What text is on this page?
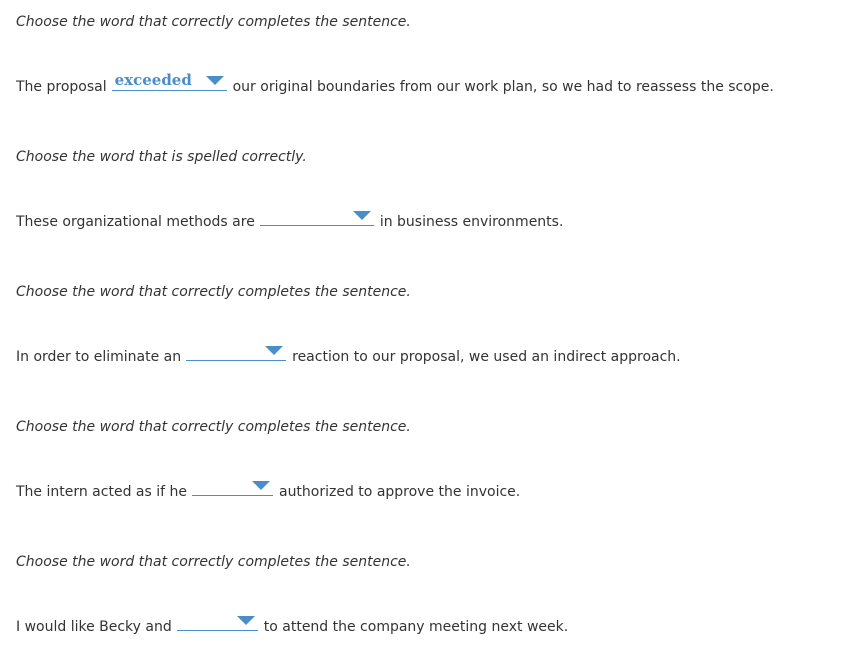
Choose the word that correctly completes the sentence.
The proposal exceeded	our original boundaries from our work plan, so we had to reassess the scope.
Choose the word that is spelled correctly.
These organizational methods are	in business environments.
Choose the word that correctly completes the sentence.
In order to eliminate an	reaction to our proposal, we used an indirect approach.
Choose the word that correctly completes the sentence.
The intern acted as if he	authorized to approve the invoice.
Choose the word that correctly completes the sentence.
I would like Becky and	to attend the company meeting next week.
